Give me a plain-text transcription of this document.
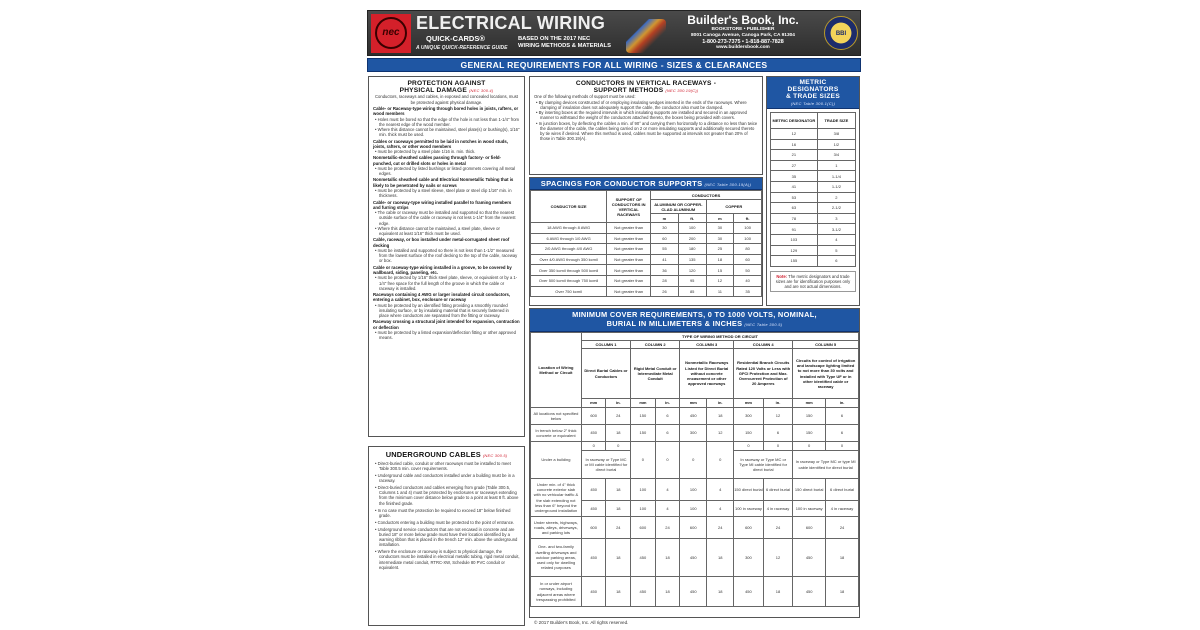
nec ELECTRICAL WIRING
QUICK-CARDS®
A UNIQUE QUICK-REFERENCE GUIDE
BASED ON THE 2017 NEC
WIRING METHODS & MATERIALS
Builder's Book, Inc.
BOOKSTORE • PUBLISHER
8001 Canoga Avenue, Canoga Park, CA 91304
1-800-273-7375 • 1-818-887-7828
www.buildersbook.com
BBI
GENERAL REQUIREMENTS FOR ALL WIRING - SIZES & CLEARANCES
PROTECTION AGAINST
PHYSICAL DAMAGE (NEC 300.4)
Conductors, raceways and cables, in exposed and concealed locations, must be protected against physical damage.
Cable- or Raceway-type wiring through bored holes in joists, rafters, or wood members
• Holes must be bored so that the edge of the hole is not less than 1-1/4" from the nearest edge of the wood member.
• Where this distance cannot be maintained, steel plate(s) or bushing(s), 1/16" min. thick must be used.
Cables or raceways permitted to be laid in notches in wood studs, joists, rafters, or other wood members
• must be protected by a steel plate 1/16 in. min. thick.
Nonmetallic-sheathed cables passing through factory- or field-punched, cut or drilled slots or holes in metal
• must be protected by listed bushings or listed grommets covering all metal edges.
Nonmetallic sheathed cable and Electrical Nonmetallic Tubing that is likely to be penetrated by nails or screws
• must be protected by a steel sleeve, steel plate or steel clip 1/16" min. in thickness.
Cable- or raceway-type wiring installed parallel to framing members and furring strips
• The cable or raceway must be installed and supported so that the nearest outside surface of the cable or raceway is not less 1-1/4" from the nearest edge.
• Where this distance cannot be maintained, a steel plate, sleeve or equivalent at least 1/16" thick must be used.
Cable, raceway, or box installed under metal-corrugated sheet roof decking
• must be installed and supported so there is not less than 1-1/2" measured from the lowest surface of the roof decking to the top of the cable, raceway or box.
Cable or raceway-type wiring installed in a groove, to be covered by wallboard, siding, paneling, etc.
• must be protected by 1/16" thick steel plate, sleeve, or equivalent or by a 1-1/4" free space for the full length of the groove in which the cable or raceway is installed.
Raceways containing 4 AWG or larger insulated circuit conductors, entering a cabinet, box, enclosure or raceway
• must be protected by an identified fitting providing a smoothly rounded insulating surface, or by insulating material that is securely fastened in place where conductors are separated from the fitting or raceway.
Raceway crossing a structural joint intended for expansion, contraction or deflection
• must be protected by a listed expansion/deflection fitting or other approved means.
UNDERGROUND CABLES (NEC 300.5)
• Direct-buried cable, conduit or other raceways must be installed to meet Table 300.5 min. cover requirements.
• Underground cable and conductors installed under a building must be in a raceway.
• Direct-buried conductors and cables emerging from grade (Table 300.5, Columns 1 and 4) must be protected by enclosures or raceways extending from the minimum cover distance below grade to a point at least 8 ft. above the finished grade.
• In no case must the protection be required to exceed 18" below finished grade.
• Conductors entering a building must be protected to the point of entrance.
• Underground service conductors that are not encased in concrete and are buried 18" or more below grade must have their location identified by a warning ribbon that is placed in the trench 12" min. above the underground installation.
• Where the enclosure or raceway is subject to physical damage, the conductors must be installed in electrical metallic tubing, rigid metal conduit, intermediate metal conduit, RTRC-XW, Schedule 80 PVC conduit or equivalent.
CONDUCTORS IN VERTICAL RACEWAYS -
SUPPORT METHODS (NEC 300.19(C))
One of the following methods of support must be used:
• By clamping devices constructed of or employing insulating wedges inserted in the ends of the raceways. Where clamping of insulation does not adequately support the cable, the conductor also must be clamped.
• By inserting boxes at the required intervals in which insulating supports are installed and secured in an approved manner to withstand the weight of the conductors attached thereto, the boxes being provided with covers.
• In junction boxes, by deflecting the cables a min. of 90° and carrying them horizontally to a distance no less than twice the diameter of the cable, the cables being carried on 2 or more insulating supports and additionally secured thereto by tie wires if desired. Where this method is used, cables must be supported at intervals not greater than 20% of those in Table 300.19(A).
SPACINGS FOR CONDUCTOR SUPPORTS (NEC Table 300.19(A))
CONDUCTOR SIZE	SUPPORT OF CONDUCTORS IN VERTICAL RACEWAYS	CONDUCTORS			
		ALUMINUM OR COPPER-CLAD ALUMINUM		COPPER	
		m	ft.	m	ft.
18 AWG through 8 AWG	Not greater than	30	100	30	100
6 AWG through 1/0 AWG	Not greater than	60	200	30	100
2/0 AWG through 4/0 AWG	Not greater than	55	180	25	80
Over 4/0 AWG through 350 kcmil	Not greater than	41	135	18	60
Over 350 kcmil through 500 kcmil	Not greater than	36	120	15	50
Over 500 kcmil through 750 kcmil	Not greater than	28	95	12	40
Over 750 kcmil	Not greater than	26	85	11	35
METRIC
DESIGNATORS
& TRADE SIZES
(NEC Table 300.1(C))
METRIC DESIGNATOR	TRADE SIZE
12	3/8
16	1/2
21	3/4
27	1
35	1-1/4
41	1-1/2
53	2
63	2-1/2
78	3
91	3-1/2
103	4
129	5
155	6
Note: The metric designators and trade sizes are for identification purposes only and are not actual dimensions.
MINIMUM COVER REQUIREMENTS, 0 TO 1000 VOLTS, NOMINAL,
BURIAL IN MILLIMETERS & INCHES (NEC Table 300.5)
Location of Wiring Method or Circuit	TYPE OF WIRING METHOD OR CIRCUIT									
	COLUMN 1		COLUMN 2		COLUMN 3		COLUMN 4		COLUMN 5	
	Direct Burial Cables or Conductors		Rigid Metal Conduit or Intermediate Metal Conduit		Nonmetallic Raceways Listed for Direct Burial without concrete encasement or other approved raceways		Residential Branch Circuits Rated 120 Volts or Less with GFCI Protection and Max. Overcurrent Protection of 20 Amperes		Circuits for control of irrigation and landscape lighting limited to not more than 30 volts and installed with Type UF or in other identified cable or raceway	
	mm	in.	mm	in.	mm	in.	mm	in.	mm	in.
All locations not specified below	600	24	150	6	450	18	300	12	150	6
In trench below 2" thick concrete or equivalent	450	18	150	6	300	12	150	6	150	6
Under a building	0	0	0	0	0	0	0	0	0	0
	In raceway or Type MC or MI cable identified for direct burial						In raceway or Type MC or Type MI cable identified for direct burial		In raceway or Type MC or type MI cable identified for direct burial	
Under min. of 4" thick concrete exterior slab with no vehicular traffic & the slab extending not less than 6" beyond the underground installation	450	18	100	4	100	4	150 direct burial	6 direct burial	150 direct burial	6 direct burial
	450	18	100	4	100	4	100 in raceway	4 in raceway	100 in raceway	4 in raceway
Under streets, highways, roads, alleys, driveways, and parking lots	600	24	600	24	600	24	600	24	600	24
One- and two-family dwelling driveways and outdoor parking areas, used only for dwelling related purposes	450	18	450	18	450	18	300	12	450	18
In or under airport runways, including adjacent areas where trespassing prohibited	450	18	450	18	450	18	450	18	450	18
© 2017 Builder's Book, Inc. All rights reserved.
